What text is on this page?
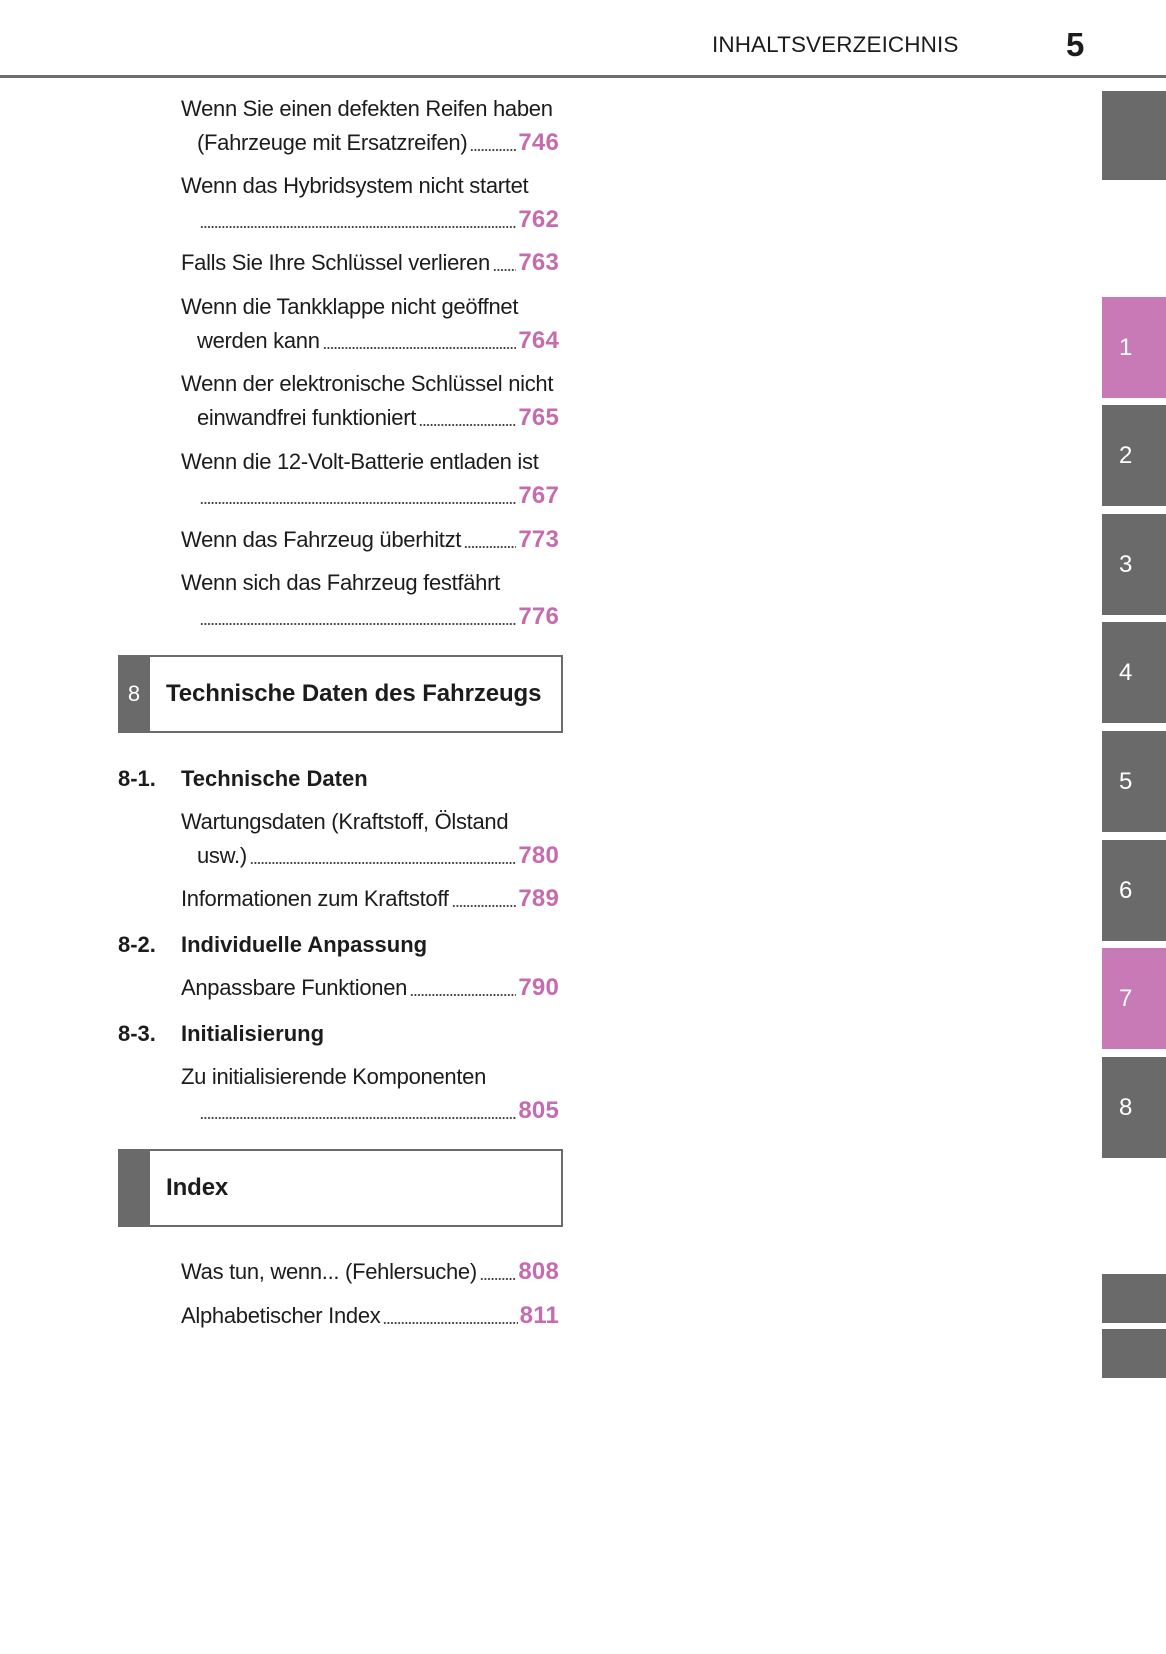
INHALTSVERZEICHNIS	5
Wenn Sie einen defekten Reifen haben
(Fahrzeuge mit Ersatzreifen) 746
Wenn das Hybridsystem nicht startet
762
Falls Sie Ihre Schlüssel verlieren 763
Wenn die Tankklappe nicht geöffnet
werden kann	764
Wenn der elektronische Schlüssel nicht
einwandfrei funktioniert	765
Wenn die 12-Volt-Batterie entladen ist
767
Wenn das Fahrzeug überhitzt 773
Wenn sich das Fahrzeug festfährt
776
8	Technische Daten des Fahrzeugs
8-1. Technische Daten
Wartungsdaten (Kraftstoff, Ölstand
usw.)	780
Informationen zum Kraftstoff	789
8-2. Individuelle Anpassung
Anpassbare Funktionen	790
8-3. Initialisierung
Zu initialisierende Komponenten
805
Index
Was tun, wenn... (Fehlersuche) 808
Alphabetischer Index	811
1
2
3
4
5
6
7
8
